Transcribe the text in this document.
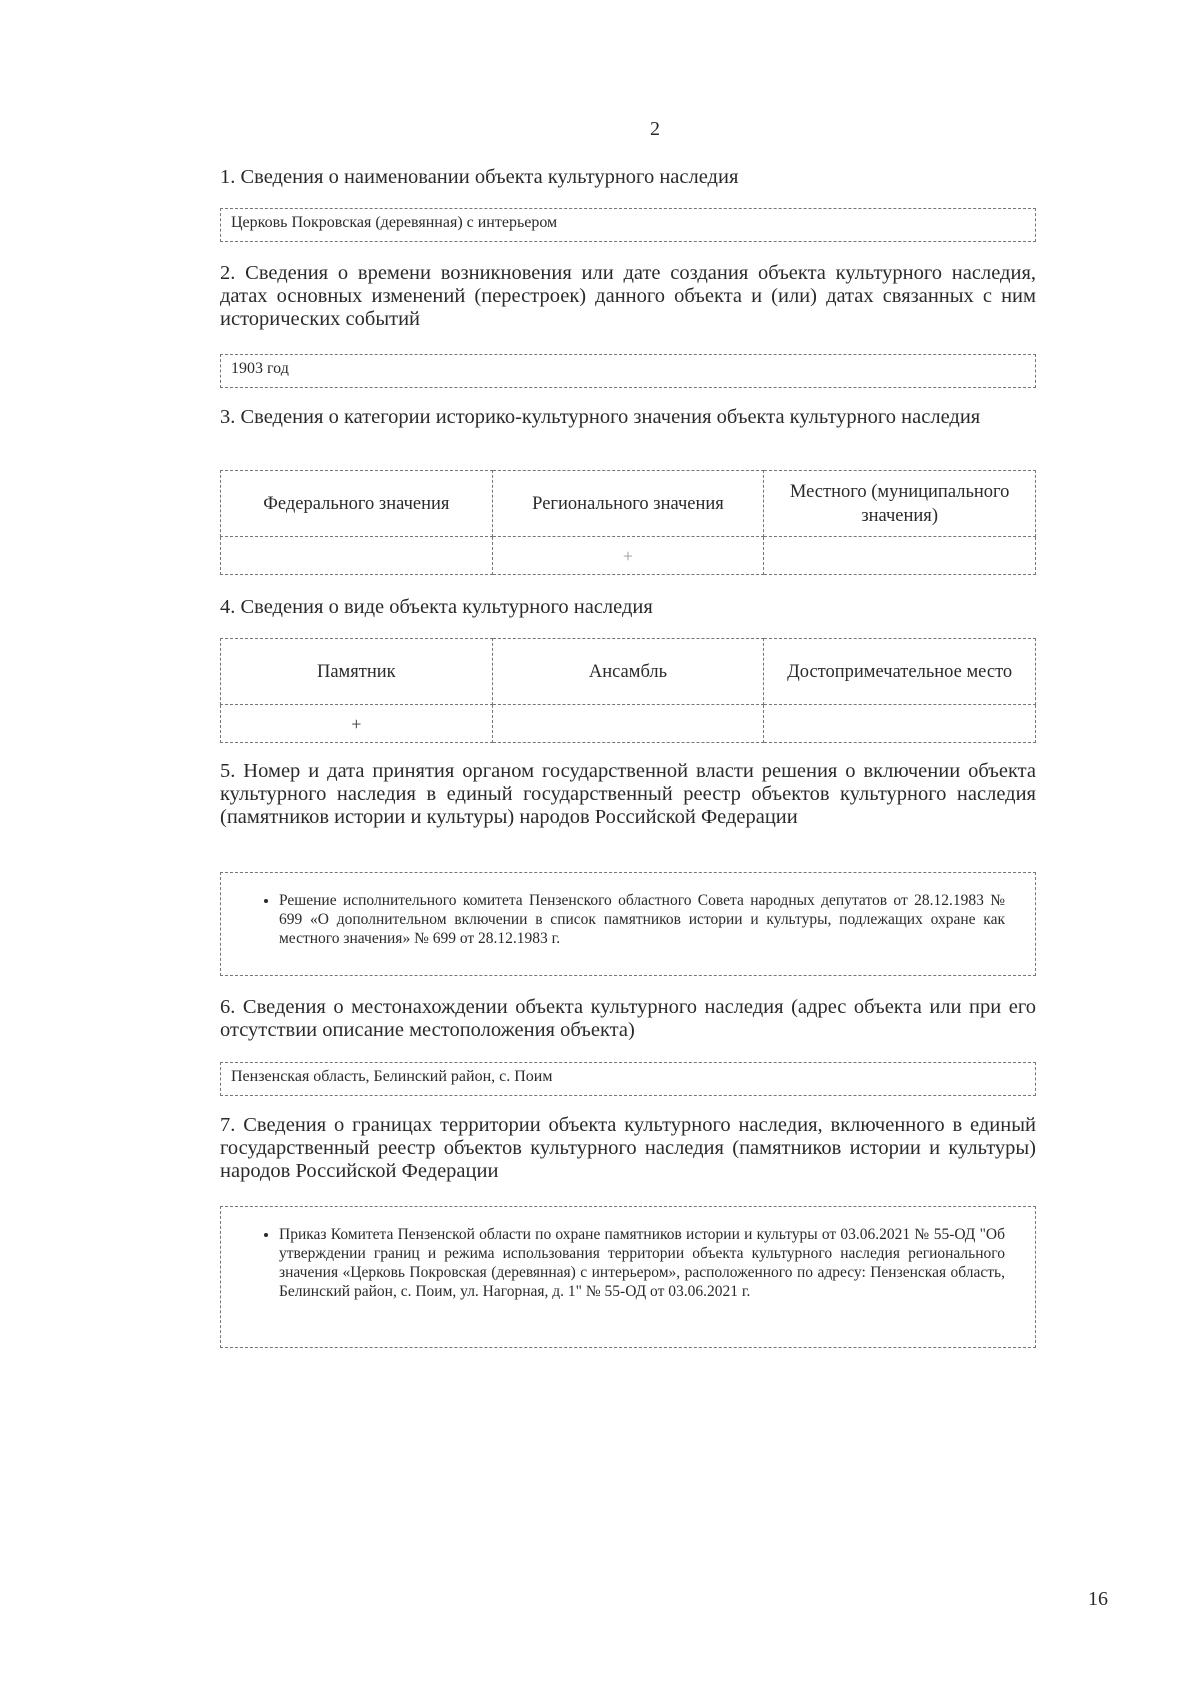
2
1. Сведения о наименовании объекта культурного наследия
Церковь Покровская (деревянная) с интерьером
2. Сведения о времени возникновения или дате создания объекта культурного наследия, датах основных изменений (перестроек) данного объекта и (или) датах связанных с ним исторических событий
1903 год
3. Сведения о категории историко-культурного значения объекта культурного наследия
Федерального значения	Регионального значения	Местного (муниципального значения)
	+	
4. Сведения о виде объекта культурного наследия
Памятник	Ансамбль	Достопримечательное место
+		
5. Номер и дата принятия органом государственной власти решения о включении объекта культурного наследия в единый государственный реестр объектов культурного наследия (памятников истории и культуры) народов Российской Федерации
• Решение исполнительного комитета Пензенского областного Совета народных депутатов от 28.12.1983 № 699 «О дополнительном включении в список памятников истории и культуры, подлежащих охране как местного значения» № 699 от 28.12.1983 г.
6. Сведения о местонахождении объекта культурного наследия (адрес объекта или при его отсутствии описание местоположения объекта)
Пензенская область, Белинский район, с. Поим
7. Сведения о границах территории объекта культурного наследия, включенного в единый государственный реестр объектов культурного наследия (памятников истории и культуры) народов Российской Федерации
• Приказ Комитета Пензенской области по охране памятников истории и культуры от 03.06.2021 № 55-ОД "Об утверждении границ и режима использования территории объекта культурного наследия регионального значения «Церковь Покровская (деревянная) с интерьером», расположенного по адресу: Пензенская область, Белинский район, с. Поим, ул. Нагорная, д. 1" № 55-ОД от 03.06.2021 г.
16
